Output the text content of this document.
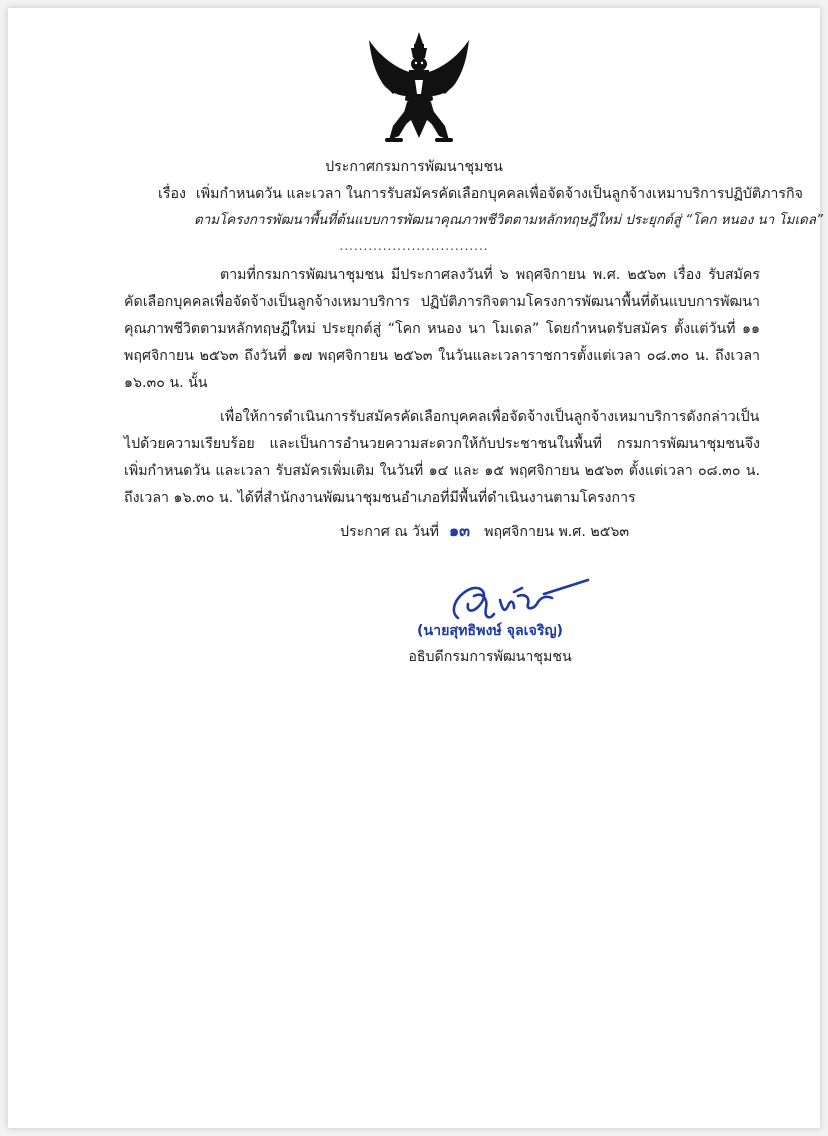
ประกาศกรมการพัฒนาชุมชน
เรื่อง เพิ่มกำหนดวัน และเวลา ในการรับสมัครคัดเลือกบุคคลเพื่อจัดจ้างเป็นลูกจ้างเหมาบริการปฏิบัติภารกิจ
ตามโครงการพัฒนาพื้นที่ต้นแบบการพัฒนาคุณภาพชีวิตตามหลักทฤษฎีใหม่ ประยุกต์สู่ “โคก หนอง นา โมเดล”
...............................
ตามที่กรมการพัฒนาชุมชน มีประกาศลงวันที่ ๖ พฤศจิกายน พ.ศ. ๒๕๖๓ เรื่อง รับสมัครคัดเลือกบุคคลเพื่อจัดจ้างเป็นลูกจ้างเหมาบริการ ปฏิบัติภารกิจตามโครงการพัฒนาพื้นที่ต้นแบบการพัฒนาคุณภาพชีวิตตามหลักทฤษฎีใหม่ ประยุกต์สู่ “โคก หนอง นา โมเดล” โดยกำหนดรับสมัคร ตั้งแต่วันที่ ๑๑ พฤศจิกายน ๒๕๖๓ ถึงวันที่ ๑๗ พฤศจิกายน ๒๕๖๓ ในวันและเวลาราชการตั้งแต่เวลา ๐๘.๓๐ น. ถึงเวลา ๑๖.๓๐ น. นั้น
เพื่อให้การดำเนินการรับสมัครคัดเลือกบุคคลเพื่อจัดจ้างเป็นลูกจ้างเหมาบริการดังกล่าวเป็นไปด้วยความเรียบร้อย และเป็นการอำนวยความสะดวกให้กับประชาชนในพื้นที่ กรมการพัฒนาชุมชนจึงเพิ่มกำหนดวัน และเวลา รับสมัครเพิ่มเติม ในวันที่ ๑๔ และ ๑๕ พฤศจิกายน ๒๕๖๓ ตั้งแต่เวลา ๐๘.๓๐ น. ถึงเวลา ๑๖.๓๐ น. ได้ที่สำนักงานพัฒนาชุมชนอำเภอที่มีพื้นที่ดำเนินงานตามโครงการ
ประกาศ ณ วันที่ ๑๓ พฤศจิกายน พ.ศ. ๒๕๖๓
(นายสุทธิพงษ์ จุลเจริญ)
อธิบดีกรมการพัฒนาชุมชน
